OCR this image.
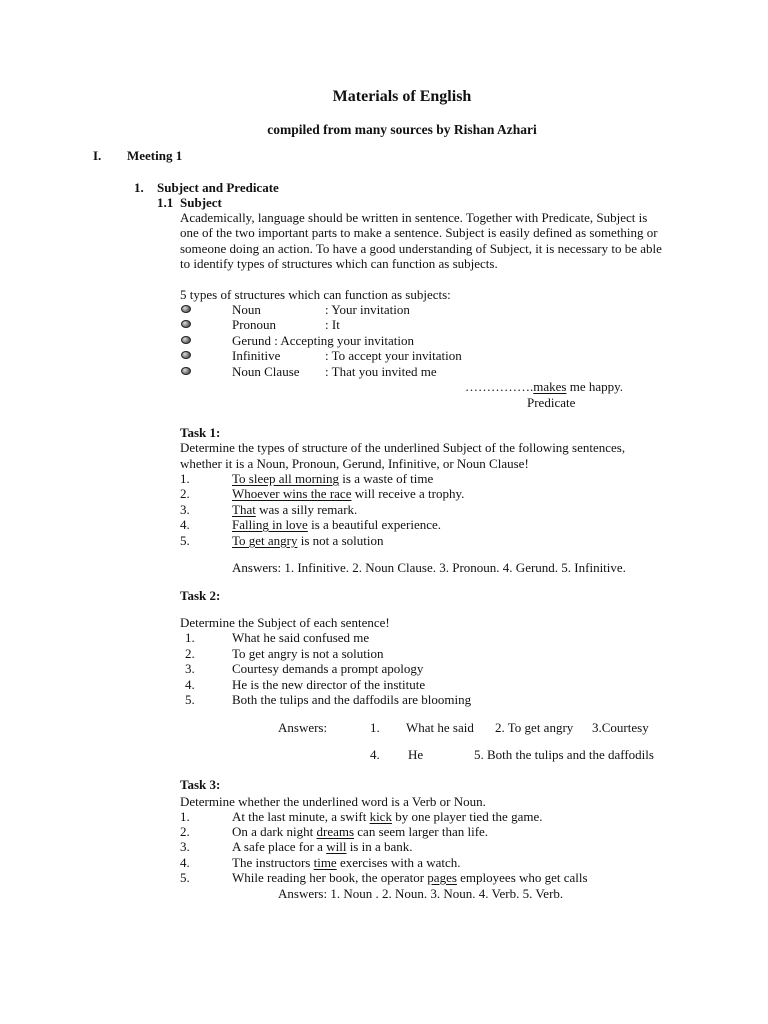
Materials of English
compiled from many sources by Rishan Azhari
I. Meeting 1
1. Subject and Predicate
1.1 Subject
Academically, language should be written in sentence. Together with Predicate, Subject is
one of the two important parts to make a sentence. Subject is easily defined as something or
someone doing an action. To have a good understanding of Subject, it is necessary to be able
to identify types of structures which can function as subjects.
5 types of structures which can function as subjects:
Noun	: Your invitation
Pronoun	: It
Gerund : Accepting your invitation
Infinitive	: To accept your invitation
Noun Clause : That you invited me
…………….makes me happy.
Predicate
Task 1:
Determine the types of structure of the underlined Subject of the following sentences,
whether it is a Noun, Pronoun, Gerund, Infinitive, or Noun Clause!
1.	To sleep all morning is a waste of time
2.	Whoever wins the race will receive a trophy.
3.	That was a silly remark.
4.	Falling in love is a beautiful experience.
5.	To get angry is not a solution
Answers: 1. Infinitive. 2. Noun Clause. 3. Pronoun. 4. Gerund. 5. Infinitive.
Task 2:
Determine the Subject of each sentence!
1.	What he said confused me
2.	To get angry is not a solution
3.	Courtesy demands a prompt apology
4.	He is the new director of the institute
5.	Both the tulips and the daffodils are blooming
Answers:	1. What he said 2. To get angry 3.Courtesy
4. He	5. Both the tulips and the daffodils
Task 3:
Determine whether the underlined word is a Verb or Noun.
1.	At the last minute, a swift kick by one player tied the game.
2.	On a dark night dreams can seem larger than life.
3.	A safe place for a will is in a bank.
4.	The instructors time exercises with a watch.
5.	While reading her book, the operator pages employees who get calls
Answers: 1. Noun . 2. Noun. 3. Noun. 4. Verb. 5. Verb.
